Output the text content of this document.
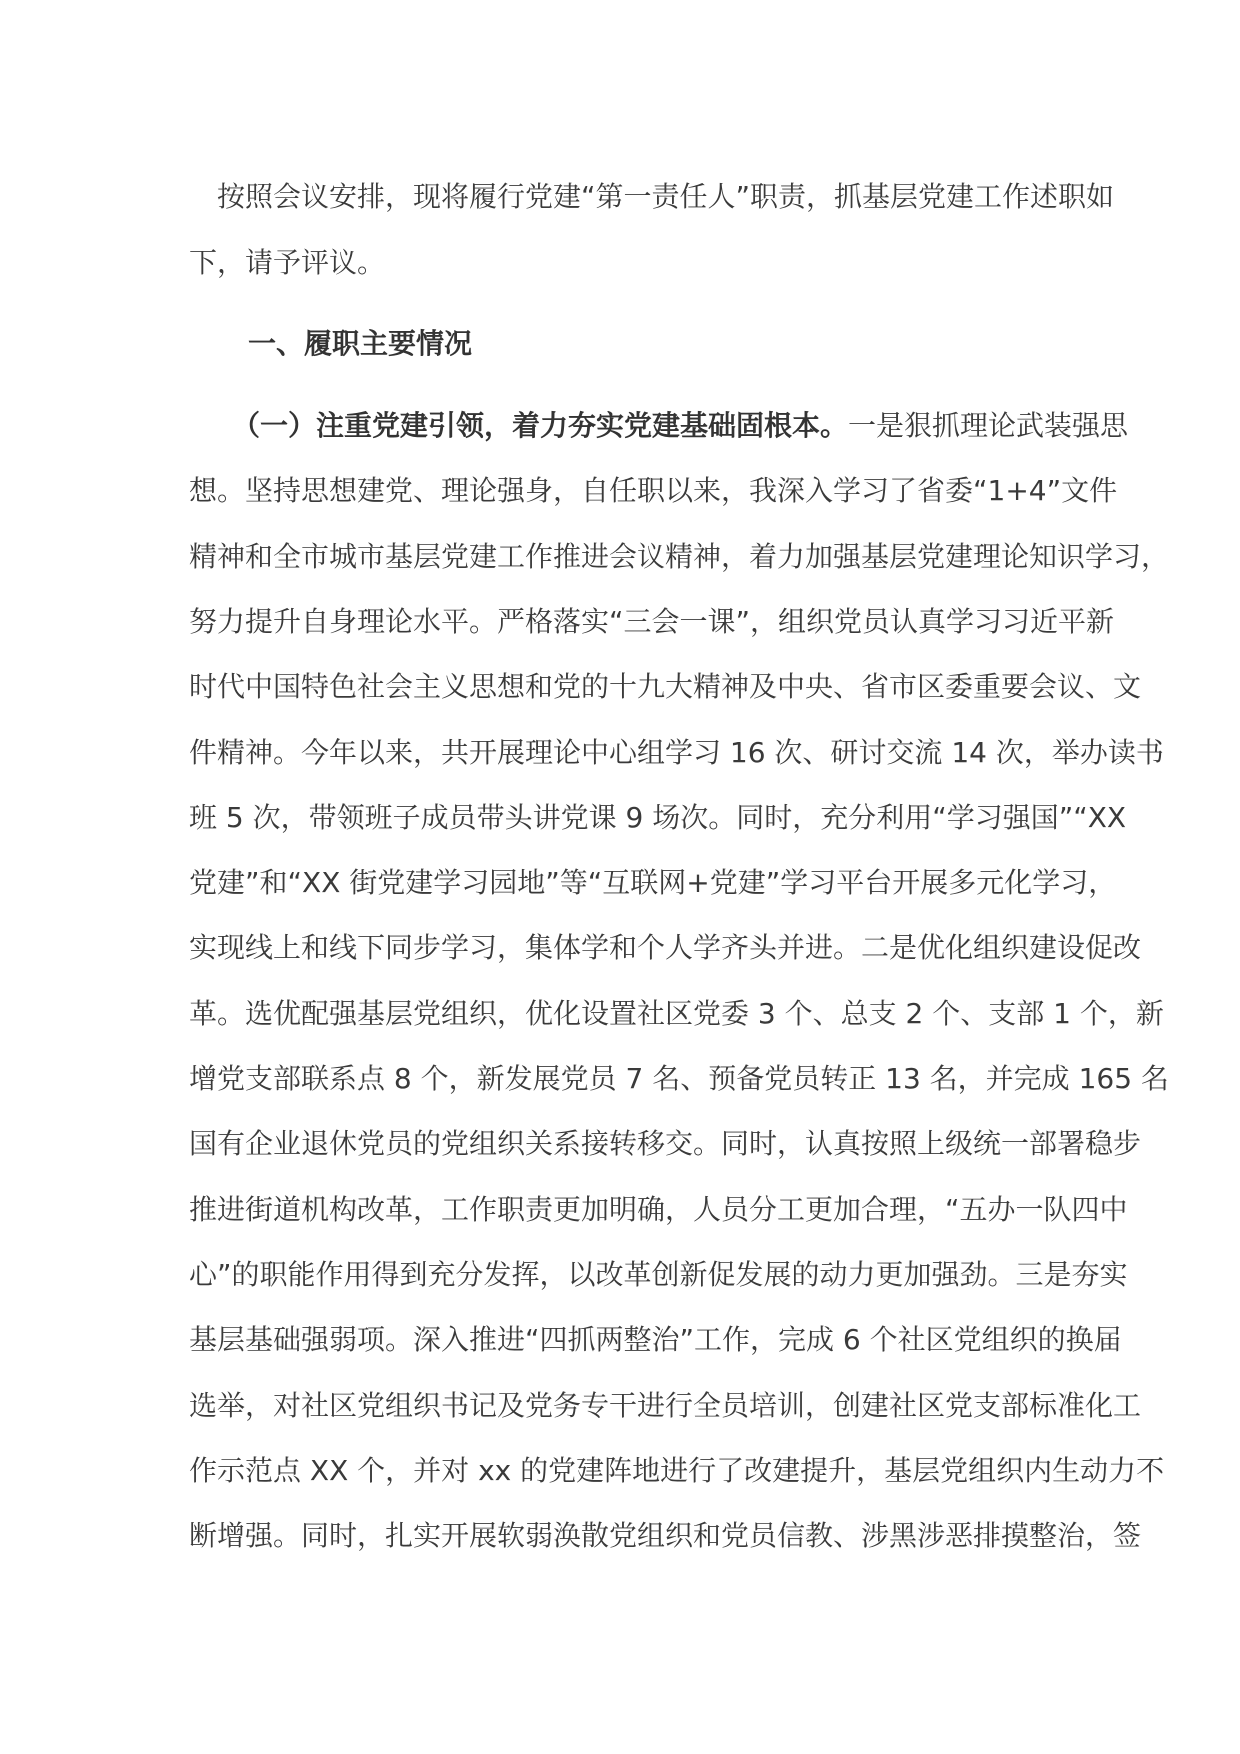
按照会议安排，现将履行党建“第一责任人”职责，抓基层党建工作述职如
下，请予评议。
一、履职主要情况
（一）注重党建引领，着力夯实党建基础固根本。一是狠抓理论武装强思
想。坚持思想建党、理论强身，自任职以来，我深入学习了省委“1+4”文件
精神和全市城市基层党建工作推进会议精神，着力加强基层党建理论知识学习，
努力提升自身理论水平。严格落实“三会一课”，组织党员认真学习习近平新
时代中国特色社会主义思想和党的十九大精神及中央、省市区委重要会议、文
件精神。今年以来，共开展理论中心组学习 16 次、研讨交流 14 次，举办读书
班 5 次，带领班子成员带头讲党课 9 场次。同时，充分利用“学习强国”“XX
党建”和“XX 街党建学习园地”等“互联网+党建”学习平台开展多元化学习，
实现线上和线下同步学习，集体学和个人学齐头并进。二是优化组织建设促改
革。选优配强基层党组织，优化设置社区党委 3 个、总支 2 个、支部 1 个，新
增党支部联系点 8 个，新发展党员 7 名、预备党员转正 13 名，并完成 165 名
国有企业退休党员的党组织关系接转移交。同时，认真按照上级统一部署稳步
推进街道机构改革，工作职责更加明确，人员分工更加合理，“五办一队四中
心”的职能作用得到充分发挥，以改革创新促发展的动力更加强劲。三是夯实
基层基础强弱项。深入推进“四抓两整治”工作，完成 6 个社区党组织的换届
选举，对社区党组织书记及党务专干进行全员培训，创建社区党支部标准化工
作示范点 XX 个，并对 xx 的党建阵地进行了改建提升，基层党组织内生动力不
断增强。同时，扎实开展软弱涣散党组织和党员信教、涉黑涉恶排摸整治，签
